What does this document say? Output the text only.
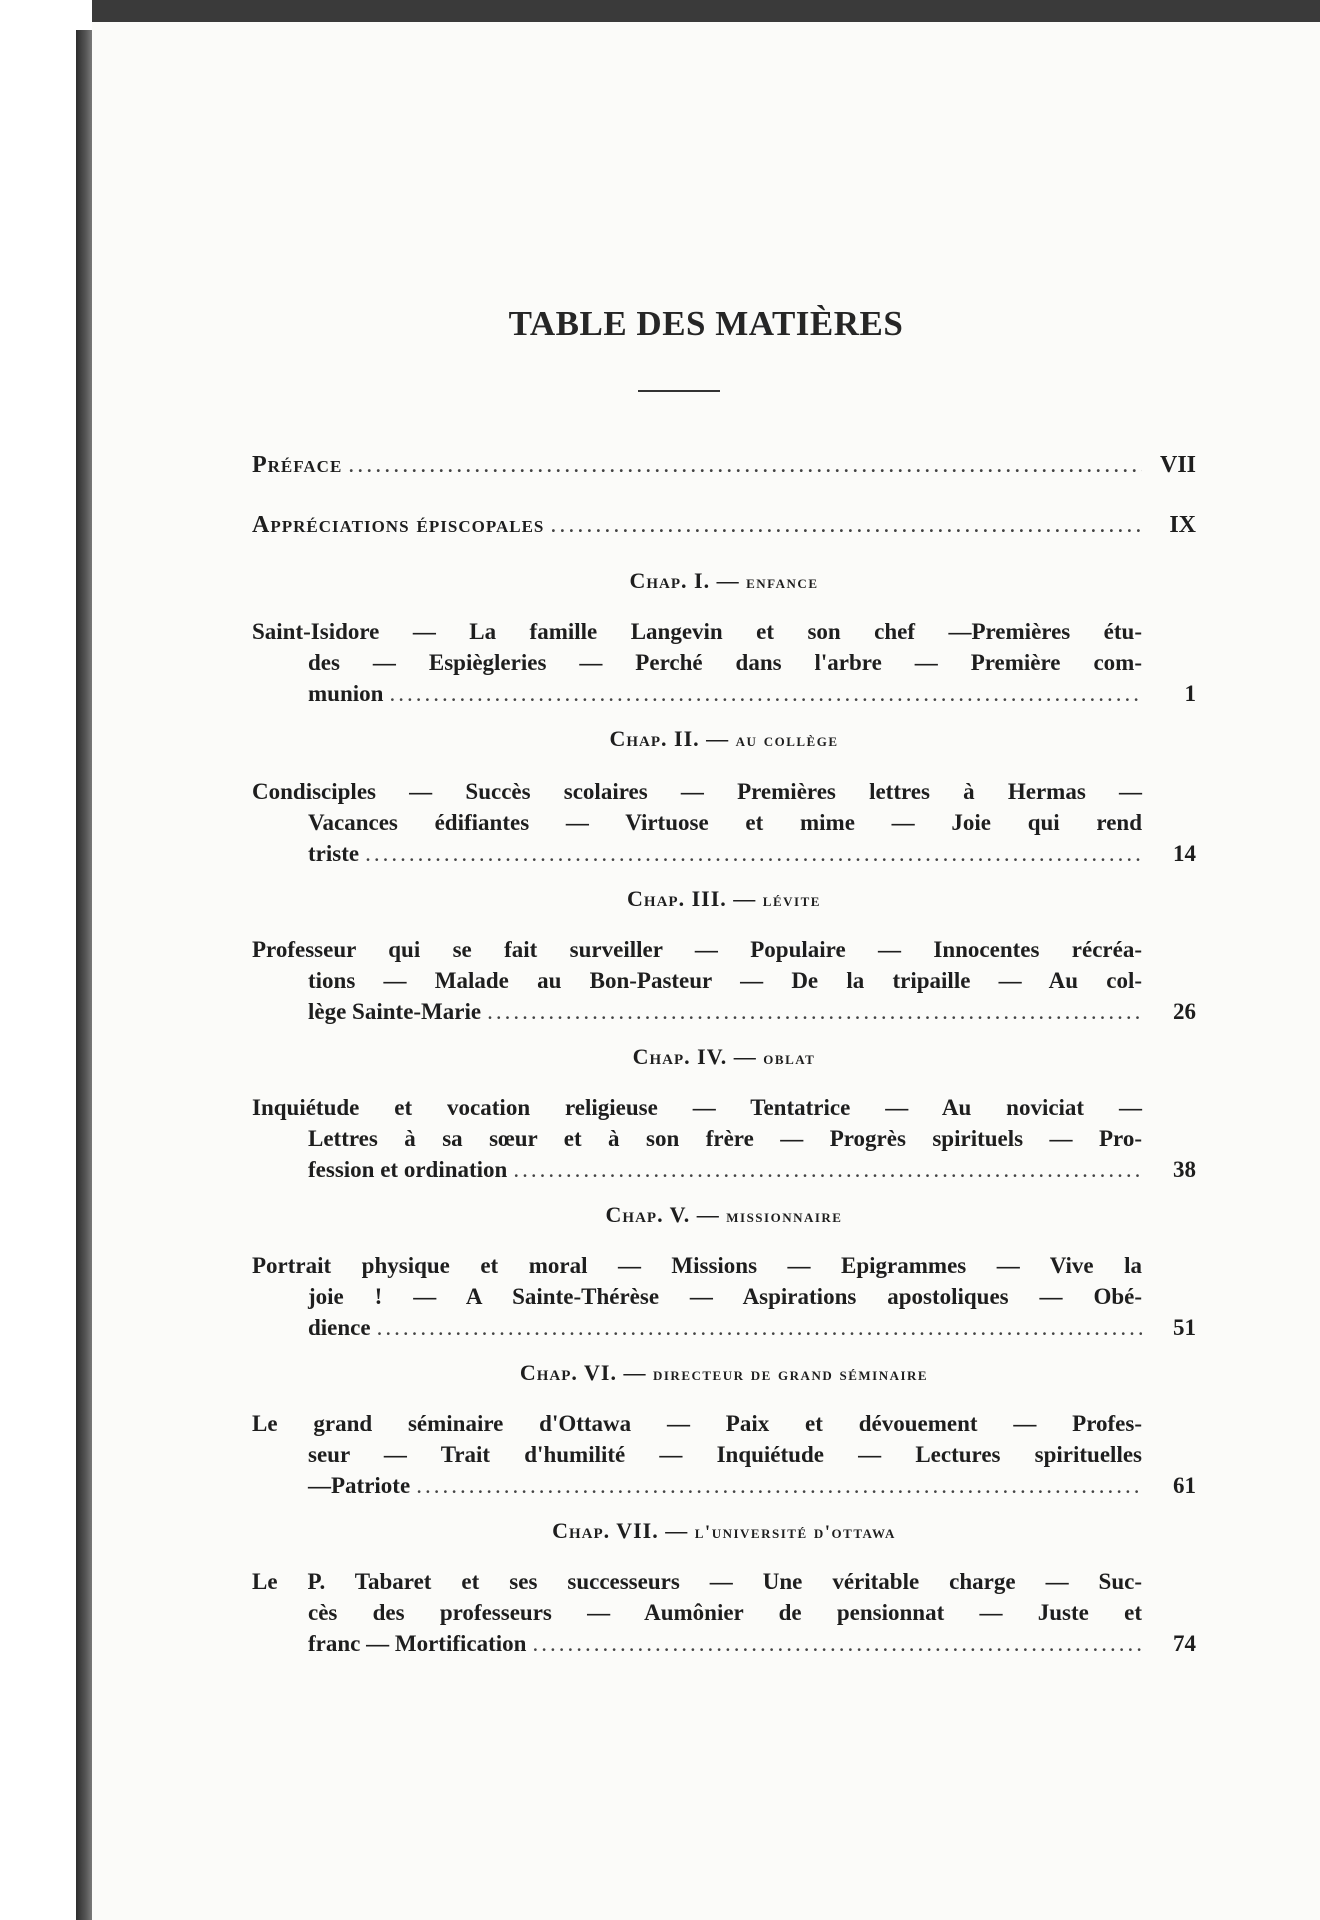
TABLE DES MATIÈRES
Préface .....	VII
Appréciations épiscopales .....	IX
Chap. I. — enfance
Saint-Isidore — La famille Langevin et son chef —Premières étu-
des — Espiègleries — Perché dans l'arbre — Première com-
munion .....	1
Chap. II. — au collège
Condisciples — Succès scolaires — Premières lettres à Hermas —
Vacances édifiantes — Virtuose et mime — Joie qui rend
triste .....	14
Chap. III. — lévite
Professeur qui se fait surveiller — Populaire — Innocentes récréa-
tions — Malade au Bon-Pasteur — De la tripaille — Au col-
lège Sainte-Marie .....	26
Chap. IV. — oblat
Inquiétude et vocation religieuse — Tentatrice — Au noviciat —
Lettres à sa sœur et à son frère — Progrès spirituels — Pro-
fession et ordination .....	38
Chap. V. — missionnaire
Portrait physique et moral — Missions — Epigrammes — Vive la
joie ! — A Sainte-Thérèse — Aspirations apostoliques — Obé-
dience .....	51
Chap. VI. — directeur de grand séminaire
Le grand séminaire d'Ottawa — Paix et dévouement — Profes-
seur — Trait d'humilité — Inquiétude — Lectures spirituelles
—Patriote .....	61
Chap. VII. — l'université d'ottawa
Le P. Tabaret et ses successeurs — Une véritable charge — Suc-
cès des professeurs — Aumônier de pensionnat — Juste et
franc — Mortification .....	74
